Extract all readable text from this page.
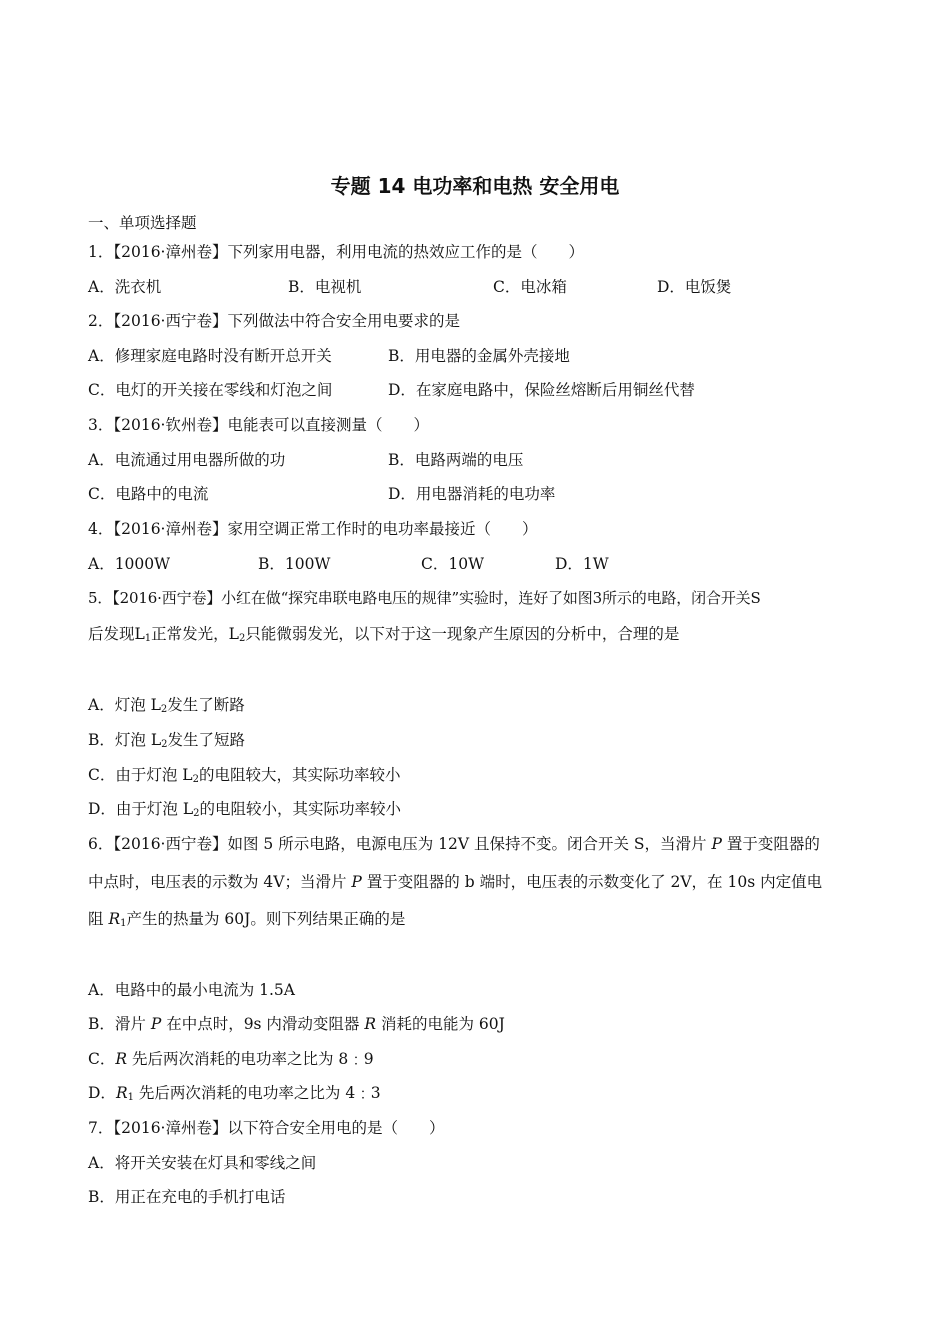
专题 14 电功率和电热 安全用电
一、单项选择题
1．【2016·漳州卷】下列家用电器，利用电流的热效应工作的是（　　）
A．洗衣机	B．电视机	C．电冰箱	D．电饭煲
2．【2016·西宁卷】下列做法中符合安全用电要求的是
A．修理家庭电路时没有断开总开关	B．用电器的金属外壳接地
C．电灯的开关接在零线和灯泡之间	D．在家庭电路中，保险丝熔断后用铜丝代替
3．【2016·钦州卷】电能表可以直接测量（　　）
A．电流通过用电器所做的功	B．电路两端的电压
C．电路中的电流	D．用电器消耗的电功率
4．【2016·漳州卷】家用空调正常工作时的电功率最接近（　　）
A．1000W	B．100W	C．10W	D．1W
5．【2016·西宁卷】小红在做“探究串联电路电压的规律”实验时，连好了如图3所示的电路，闭合开关S
后发现$L_1$正常发光，$L_2$只能微弱发光，以下对于这一现象产生原因的分析中，合理的是
A．灯泡 $L_2$发生了断路
B．灯泡 $L_2$发生了短路
C．由于灯泡 $L_2$的电阻较大，其实际功率较小
D．由于灯泡 $L_2$的电阻较小，其实际功率较小
6．【2016·西宁卷】如图 5 所示电路，电源电压为 12V 且保持不变。闭合开关 S，当滑片 P 置于变阻器的
中点时，电压表的示数为 4V；当滑片 P 置于变阻器的 b 端时，电压表的示数变化了 2V，在 10s 内定值电
阻 $R_1$产生的热量为 60J。则下列结果正确的是
A．电路中的最小电流为 1.5A
B．滑片 P 在中点时，9s 内滑动变阻器 R 消耗的电能为 60J
C．R 先后两次消耗的电功率之比为 8﹕9
D．$R_1$ 先后两次消耗的电功率之比为 4﹕3
7．【2016·漳州卷】以下符合安全用电的是（　　）
A．将开关安装在灯具和零线之间
B．用正在充电的手机打电话
